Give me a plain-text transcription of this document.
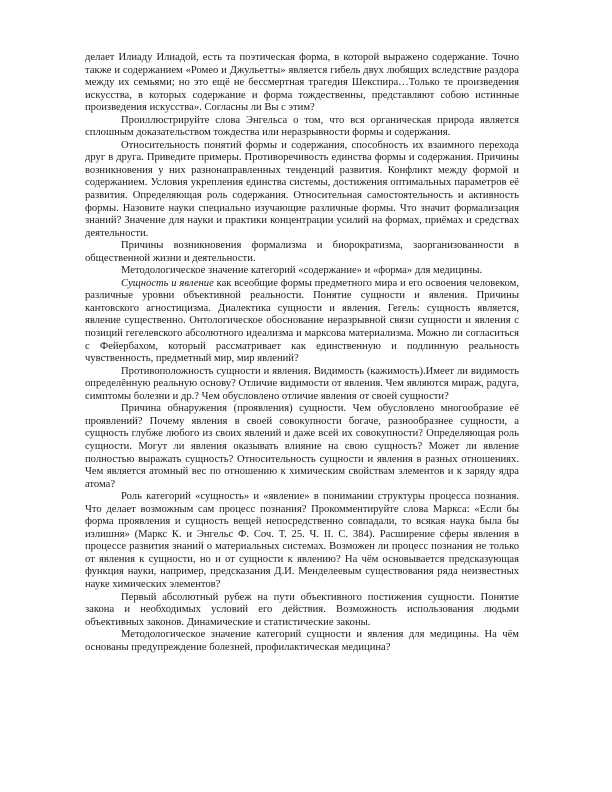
делает Илиаду Илиадой, есть та поэтическая форма, в которой выражено содержание. Точно также и содержанием «Ромео и Джульетты» является гибель двух любящих вследствие раздора между их семьями; но это ещё не бессмертная трагедия Шекспира…Только те произведения искусства, в которых содержание и форма тождественны, представляют собою истинные произведения искусства». Согласны ли Вы с этим?

Проиллюстрируйте слова Энгельса о том, что вся органическая природа является сплошным доказательством тождества или неразрывности формы и содержания.

Относительность понятий формы и содержания, способность их взаимного перехода друг в друга. Приведите примеры. Противоречивость единства формы и содержания. Причины возникновения у них разнонаправленных тенденций развития. Конфликт между формой и содержанием. Условия укрепления единства системы, достижения оптимальных параметров её развития. Определяющая роль содержания. Относительная самостоятельность и активность формы. Назовите науки специально изучающие различные формы. Что значит формализация знаний? Значение для науки и практики концентрации усилий на формах, приёмах и средствах деятельности.

Причины возникновения формализма и биорократизма, заорганизованности в общественной жизни и деятельности.

Методологическое значение категорий «содержание» и «форма» для медицины.

Сущность и явление как всеобщие формы предметного мира и его освоения человеком, различные уровни объективной реальности. Понятие сущности и явления. Причины кантовского агностицизма. Диалектика сущности и явления. Гегель: сущность является, явление существенно. Онтологическое обоснование неразрывной связи сущности и явления с позиций гегелевского абсолютного идеализма и марксова материализма. Можно ли согласиться с Фейербахом, который рассматривает как единственную и подлинную реальность чувственность, предметный мир, мир явлений?

Противоположность сущности и явления. Видимость (кажимость).Имеет ли видимость определённую реальную основу? Отличие видимости от явления. Чем являются мираж, радуга, симптомы болезни и др.? Чем обусловлено отличие явления от своей сущности?

Причина обнаружения (проявления) сущности. Чем обусловлено многообразие её проявлений? Почему явления в своей совокупности богаче, разнообразнее сущности, а сущность глубже любого из своих явлений и даже всей их совокупности? Определяющая роль сущности. Могут ли явления оказывать влияние на свою сущность? Может ли явление полностью выражать сущность? Относительность сущности и явления в разных отношениях. Чем является атомный вес по отношению к химическим свойствам элементов и к заряду ядра атома?

Роль категорий «сущность» и «явление» в понимании структуры процесса познания. Что делает возможным сам процесс познания? Прокомментируйте слова Маркса: «Если бы форма проявления и сущность вещей непосредственно совпадали, то всякая наука была бы излишня» (Маркс К. и Энгельс Ф. Соч. Т. 25. Ч. II. С. 384). Расширение сферы явления в процессе развития знаний о материальных системах. Возможен ли процесс познания не только от явления к сущности, но и от сущности к явлению? На чём основывается предсказующая функция науки, например, предсказания Д.И. Менделеевым существования ряда неизвестных науке химических элементов?

Первый абсолютный рубеж на пути объективного постижения сущности. Понятие закона и необходимых условий его действия. Возможность использования людьми объективных законов. Динамические и статистические законы.

Методологическое значение категорий сущности и явления для медицины. На чём основаны предупреждение болезней, профилактическая медицина?
